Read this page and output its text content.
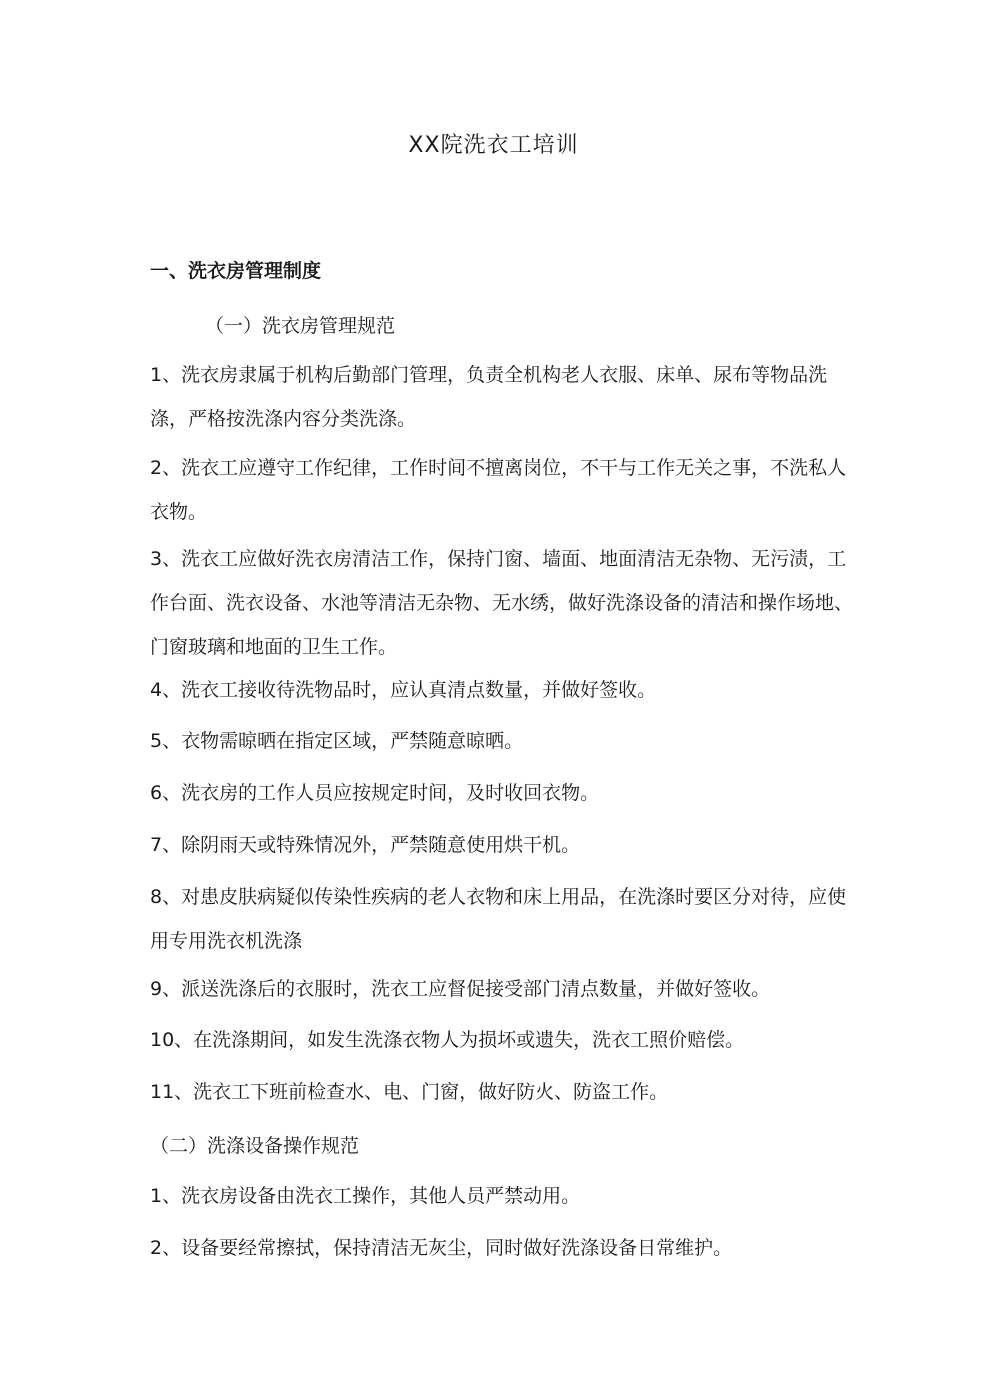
XX院洗衣工培训
一、洗衣房管理制度
（一）洗衣房管理规范
1、洗衣房隶属于机构后勤部门管理，负责全机构老人衣服、床单、尿布等物品洗涤，严格按洗涤内容分类洗涤。
2、洗衣工应遵守工作纪律，工作时间不擅离岗位，不干与工作无关之事，不洗私人衣物。
3、洗衣工应做好洗衣房清洁工作，保持门窗、墙面、地面清洁无杂物、无污渍，工作台面、洗衣设备、水池等清洁无杂物、无水绣，做好洗涤设备的清洁和操作场地、门窗玻璃和地面的卫生工作。
4、洗衣工接收待洗物品时，应认真清点数量，并做好签收。
5、衣物需晾晒在指定区域，严禁随意晾晒。
6、洗衣房的工作人员应按规定时间，及时收回衣物。
7、除阴雨天或特殊情况外，严禁随意使用烘干机。
8、对患皮肤病疑似传染性疾病的老人衣物和床上用品，在洗涤时要区分对待，应使用专用洗衣机洗涤
9、派送洗涤后的衣服时，洗衣工应督促接受部门清点数量，并做好签收。
10、在洗涤期间，如发生洗涤衣物人为损坏或遗失，洗衣工照价赔偿。
11、洗衣工下班前检查水、电、门窗，做好防火、防盗工作。
（二）洗涤设备操作规范
1、洗衣房设备由洗衣工操作，其他人员严禁动用。
2、设备要经常擦拭，保持清洁无灰尘，同时做好洗涤设备日常维护。
